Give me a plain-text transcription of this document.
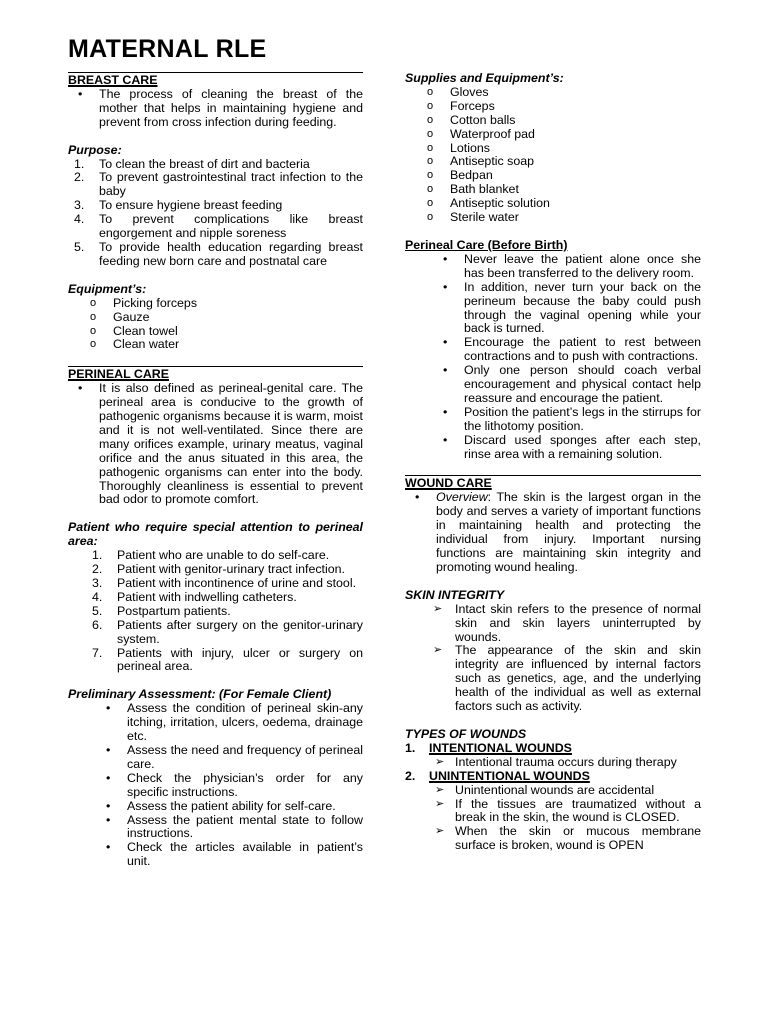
MATERNAL RLE
BREAST CARE
• The process of cleaning the breast of the mother that helps in maintaining hygiene and prevent from cross infection during feeding.
Purpose:
1. To clean the breast of dirt and bacteria
2. To prevent gastrointestinal tract infection to the baby
3. To ensure hygiene breast feeding
4. To prevent complications like breast engorgement and nipple soreness
5. To provide health education regarding breast feeding new born care and postnatal care
Equipment’s:
o Picking forceps
o Gauze
o Clean towel
o Clean water
PERINEAL CARE
• It is also defined as perineal-genital care. The perineal area is conducive to the growth of pathogenic organisms because it is warm, moist and it is not well-ventilated. Since there are many orifices example, urinary meatus, vaginal orifice and the anus situated in this area, the pathogenic organisms can enter into the body. Thoroughly cleanliness is essential to prevent bad odor to promote comfort.
Patient who require special attention to perineal area:
1. Patient who are unable to do self-care.
2. Patient with genitor-urinary tract infection.
3. Patient with incontinence of urine and stool.
4. Patient with indwelling catheters.
5. Postpartum patients.
6. Patients after surgery on the genitor-urinary system.
7. Patients with injury, ulcer or surgery on perineal area.
Preliminary Assessment: (For Female Client)
• Assess the condition of perineal skin-any itching, irritation, ulcers, oedema, drainage etc.
• Assess the need and frequency of perineal care.
• Check the physician’s order for any specific instructions.
• Assess the patient ability for self-care.
• Assess the patient mental state to follow instructions.
• Check the articles available in patient’s unit.
Supplies and Equipment’s:
o Gloves
o Forceps
o Cotton balls
o Waterproof pad
o Lotions
o Antiseptic soap
o Bedpan
o Bath blanket
o Antiseptic solution
o Sterile water
Perineal Care (Before Birth)
• Never leave the patient alone once she has been transferred to the delivery room.
• In addition, never turn your back on the perineum because the baby could push through the vaginal opening while your back is turned.
• Encourage the patient to rest between contractions and to push with contractions.
• Only one person should coach verbal encouragement and physical contact help reassure and encourage the patient.
• Position the patient’s legs in the stirrups for the lithotomy position.
• Discard used sponges after each step, rinse area with a remaining solution.
WOUND CARE
• Overview: The skin is the largest organ in the body and serves a variety of important functions in maintaining health and protecting the individual from injury. Important nursing functions are maintaining skin integrity and promoting wound healing.
SKIN INTEGRITY
➢ Intact skin refers to the presence of normal skin and skin layers uninterrupted by wounds.
➢ The appearance of the skin and skin integrity are influenced by internal factors such as genetics, age, and the underlying health of the individual as well as external factors such as activity.
TYPES OF WOUNDS
1. INTENTIONAL WOUNDS
➢ Intentional trauma occurs during therapy
2. UNINTENTIONAL WOUNDS
➢ Unintentional wounds are accidental
➢ If the tissues are traumatized without a break in the skin, the wound is CLOSED.
➢ When the skin or mucous membrane surface is broken, wound is OPEN
